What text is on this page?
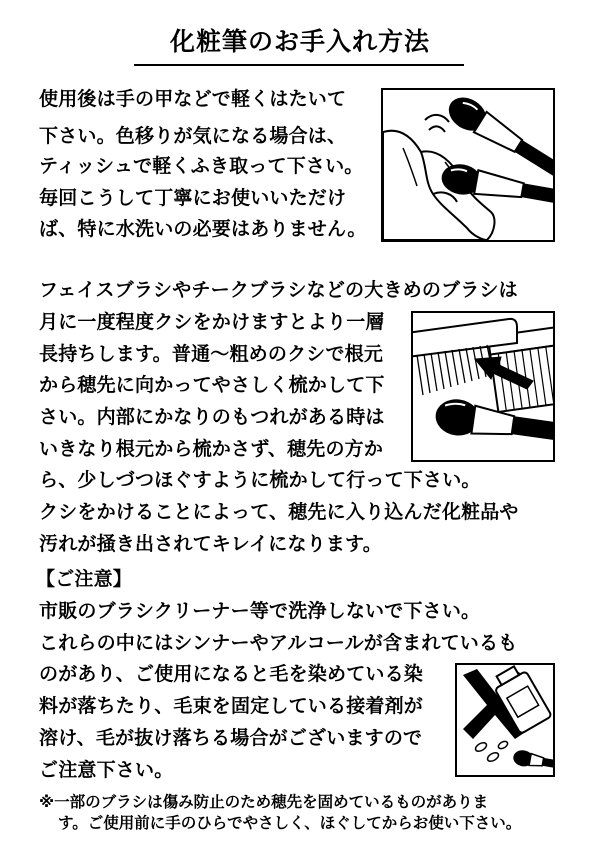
化粧筆のお手入れ方法
使用後は手の甲などで軽くはたいて
下さい。色移りが気になる場合は、
ティッシュで軽くふき取って下さい。
毎回こうして丁寧にお使いいただけ
ば、特に水洗いの必要はありません。
フェイスブラシやチークブラシなどの大きめのブラシは
月に一度程度クシをかけますとより一層
長持ちします。普通～粗めのクシで根元
から穂先に向かってやさしく梳かして下
さい。内部にかなりのもつれがある時は
いきなり根元から梳かさず、穂先の方か
ら、少しづつほぐすように梳かして行って下さい。
クシをかけることによって、穂先に入り込んだ化粧品や
汚れが掻き出されてキレイになります。
【ご注意】
市販のブラシクリーナー等で洗浄しないで下さい。
これらの中にはシンナーやアルコールが含まれているも
のがあり、ご使用になると毛を染めている染
料が落ちたり、毛束を固定している接着剤が
溶け、毛が抜け落ちる場合がございますので
ご注意下さい。
※一部のブラシは傷み防止のため穂先を固めているものがありま
す。ご使用前に手のひらでやさしく、ほぐしてからお使い下さい。
